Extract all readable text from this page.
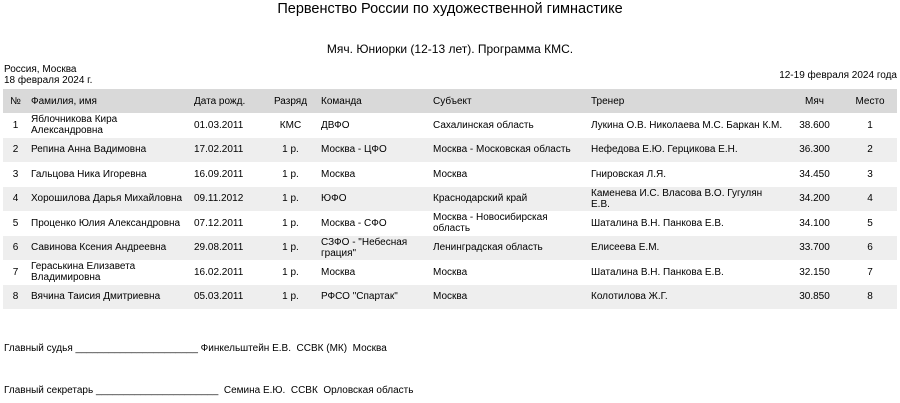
Первенство России по художественной гимнастике
Мяч. Юниорки (12-13 лет). Программа КМС.
Россия, Москва
18 февраля 2024 г.	12-19 февраля 2024 года
№	Фамилия, имя	Дата рожд.	Разряд	Команда	Субъект	Тренер	Мяч	Место
1	Яблочникова Кира Александровна	01.03.2011	КМС	ДВФО	Сахалинская область	Лукина О.В. Николаева М.С. Баркан К.М.	38.600	1
2	Репина Анна Вадимовна	17.02.2011	1 р.	Москва - ЦФО	Москва - Московская область	Нефедова Е.Ю. Герцикова Е.Н.	36.300	2
3	Гальцова Ника Игоревна	16.09.2011	1 р.	Москва	Москва	Гнировская Л.Я.	34.450	3
4	Хорошилова Дарья Михайловна	09.11.2012	1 р.	ЮФО	Краснодарский край	Каменева И.С. Власова В.О. Гугулян Е.В.	34.200	4
5	Проценко Юлия Александровна	07.12.2011	1 р.	Москва - СФО	Москва - Новосибирская область	Шаталина В.Н. Панкова Е.В.	34.100	5
6	Савинова Ксения Андреевна	29.08.2011	1 р.	СЗФО - "Небесная грация"	Ленинградская область	Елисеева Е.М.	33.700	6
7	Гераськина Елизавета Владимировна	16.02.2011	1 р.	Москва	Москва	Шаталина В.Н. Панкова Е.В.	32.150	7
8	Вячина Таисия Дмитриевна	05.03.2011	1 р.	РФСО "Спартак"	Москва	Колотилова Ж.Г.	30.850	8
Главный судья ______________________ Финкельштейн Е.В.  ССВК (МК)  Москва
Главный секретарь ______________________  Семина Е.Ю.  ССВК  Орловская область
